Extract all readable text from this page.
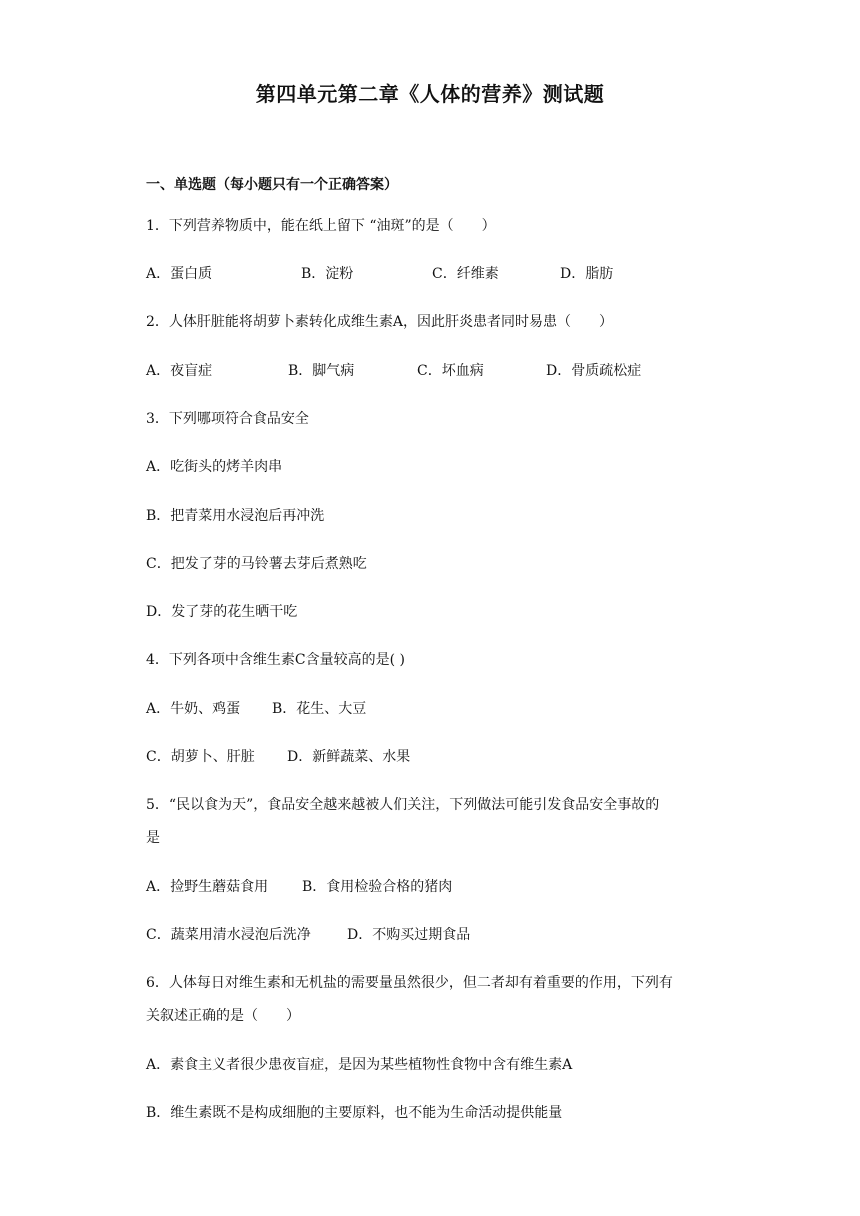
第四单元第二章《人体的营养》测试题
一、单选题（每小题只有一个正确答案）
1．下列营养物质中，能在纸上留下 “油斑”的是（　　）
A．蛋白质	B．淀粉	C．纤维素	D．脂肪
2．人体肝脏能将胡萝卜素转化成维生素A，因此肝炎患者同时易患（　　）
A．夜盲症	B．脚气病	C．坏血病	D．骨质疏松症
3．下列哪项符合食品安全
A．吃街头的烤羊肉串
B．把青菜用水浸泡后再冲洗
C．把发了芽的马铃薯去芽后煮熟吃
D．发了芽的花生晒干吃
4．下列各项中含维生素C含量较高的是( )
A．牛奶、鸡蛋 B．花生、大豆
C．胡萝卜、肝脏 D．新鲜蔬菜、水果
5．“民以食为天”，食品安全越来越被人们关注，下列做法可能引发食品安全事故的
是
A．捡野生蘑菇食用 B．食用检验合格的猪肉
C．蔬菜用清水浸泡后洗净	D．不购买过期食品
6．人体每日对维生素和无机盐的需要量虽然很少，但二者却有着重要的作用，下列有
关叙述正确的是（　　）
A．素食主义者很少患夜盲症，是因为某些植物性食物中含有维生素A
B．维生素既不是构成细胞的主要原料，也不能为生命活动提供能量
